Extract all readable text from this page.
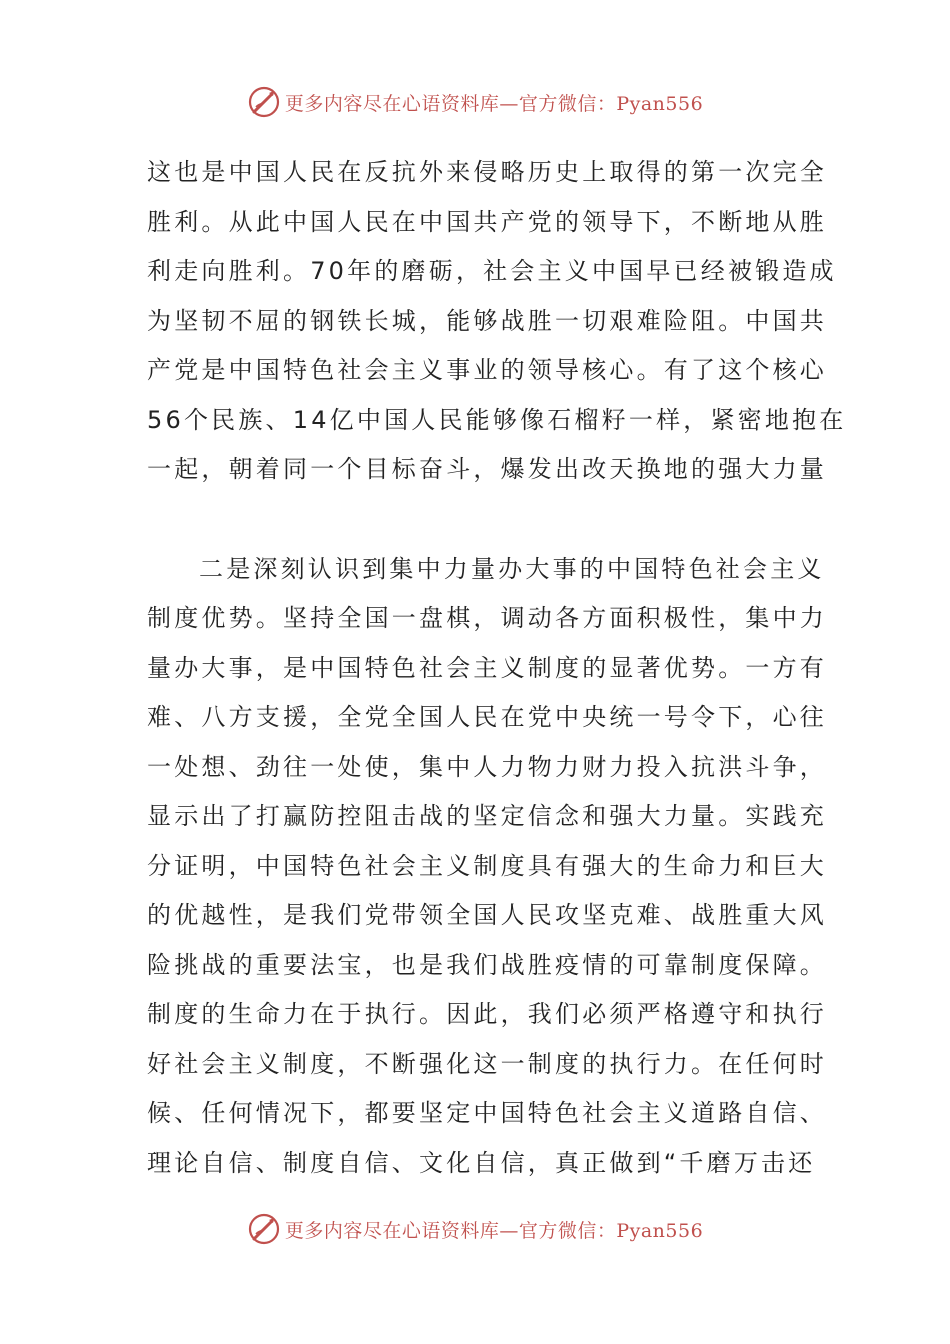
更多内容尽在心语资料库—官方微信：Pyan556
这也是中国人民在反抗外来侵略历史上取得的第一次完全
胜利。从此中国人民在中国共产党的领导下，不断地从胜
利走向胜利。70年的磨砺，社会主义中国早已经被锻造成
为坚韧不屈的钢铁长城，能够战胜一切艰难险阻。中国共
产党是中国特色社会主义事业的领导核心。有了这个核心
56个民族、14亿中国人民能够像石榴籽一样，紧密地抱在
一起，朝着同一个目标奋斗，爆发出改天换地的强大力量
二是深刻认识到集中力量办大事的中国特色社会主义
制度优势。坚持全国一盘棋，调动各方面积极性，集中力
量办大事，是中国特色社会主义制度的显著优势。一方有
难、八方支援，全党全国人民在党中央统一号令下，心往
一处想、劲往一处使，集中人力物力财力投入抗洪斗争，
显示出了打赢防控阻击战的坚定信念和强大力量。实践充
分证明，中国特色社会主义制度具有强大的生命力和巨大
的优越性，是我们党带领全国人民攻坚克难、战胜重大风
险挑战的重要法宝，也是我们战胜疫情的可靠制度保障。
制度的生命力在于执行。因此，我们必须严格遵守和执行
好社会主义制度，不断强化这一制度的执行力。在任何时
候、任何情况下，都要坚定中国特色社会主义道路自信、
理论自信、制度自信、文化自信，真正做到“千磨万击还
更多内容尽在心语资料库—官方微信：Pyan556
